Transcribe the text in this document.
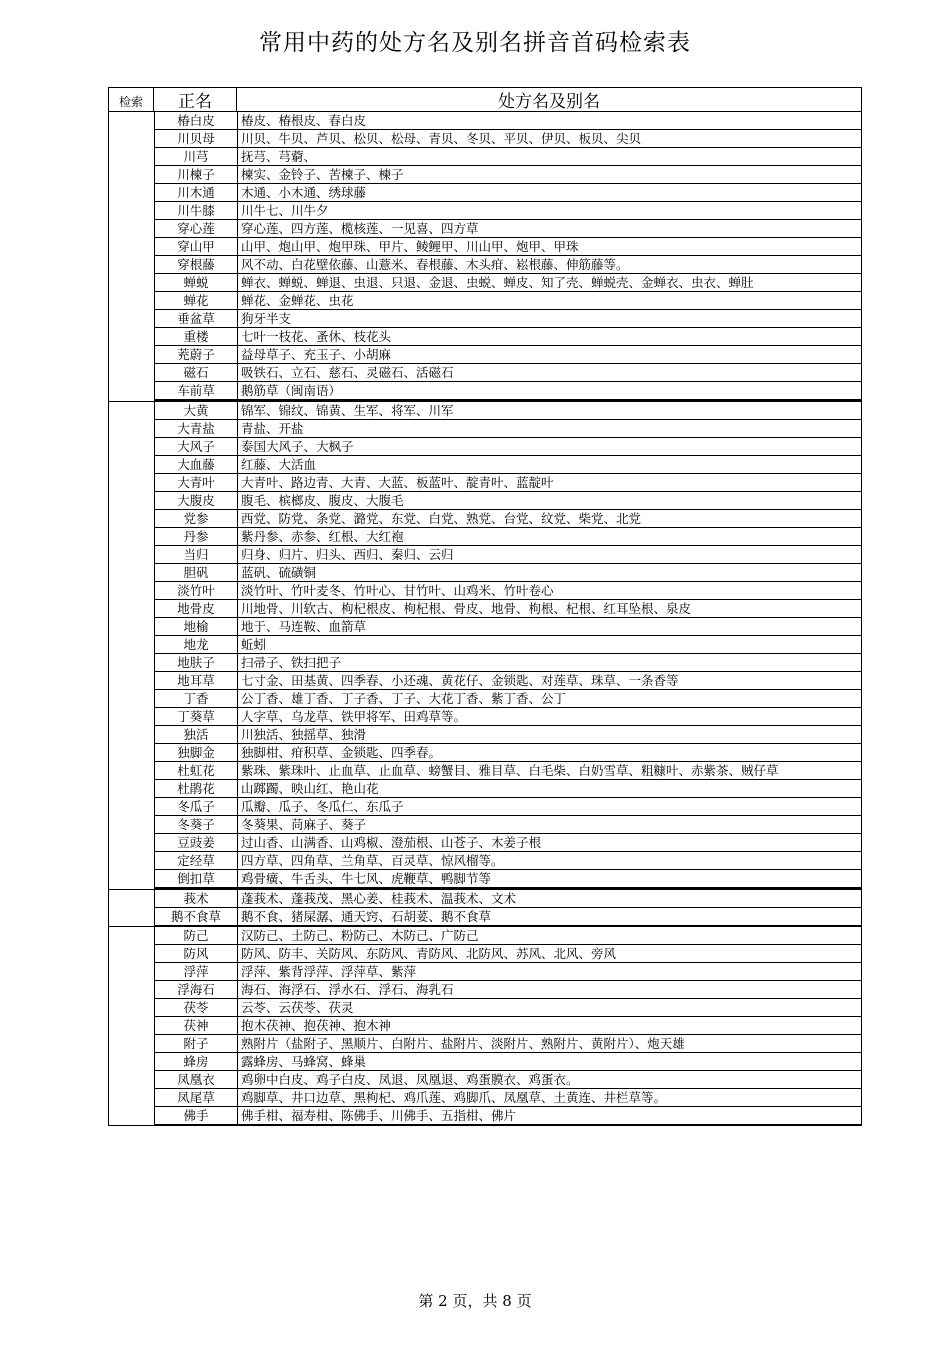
常用中药的处方名及别名拼音首码检索表
检索	正名	处方名及别名
椿白皮	椿皮、椿根皮、春白皮
川贝母	川贝、牛贝、芦贝、松贝、松母、青贝、冬贝、平贝、伊贝、板贝、尖贝
川芎	抚芎、芎藭、
川楝子	楝实、金铃子、苦楝子、楝子
川木通	木通、小木通、绣球藤
川牛膝	川牛七、川牛夕
穿心莲	穿心莲、四方莲、榄核莲、一见喜、四方草
穿山甲	山甲、炮山甲、炮甲珠、甲片、鲮鲤甲、川山甲、炮甲、甲珠
穿根藤	风不动、白花壁依藤、山薏米、春根藤、木头疳、崧根藤、伸筋藤等。
蝉蜕	蝉衣、蝉蜕、蝉退、虫退、只退、金退、虫蜕、蝉皮、知了壳、蝉蜕壳、金蝉衣、虫衣、蝉肚
蝉花	蝉花、金蝉花、虫花
垂盆草	狗牙半支
重楼	七叶一枝花、蚤休、枝花头
茺蔚子	益母草子、充玉子、小胡麻
磁石	吸铁石、立石、慈石、灵磁石、活磁石
车前草	鹅筋草（闽南语）
大黄	锦军、锦纹、锦黄、生军、将军、川军
大青盐	青盐、开盐
大风子	泰国大风子、大枫子
大血藤	红藤、大活血
大青叶	大青叶、路边青、大青、大蓝、板蓝叶、靛青叶、蓝靛叶
大腹皮	腹毛、槟榔皮、腹皮、大腹毛
党参	西党、防党、条党、潞党、东党、白党、熟党、台党、纹党、柴党、北党
丹参	紫丹参、赤参、红根、大红袍
当归	归身、归片、归头、西归、秦归、云归
胆矾	蓝矾、硫磺铜
淡竹叶	淡竹叶、竹叶麦冬、竹叶心、甘竹叶、山鸡米、竹叶卷心
地骨皮	川地骨、川软古、枸杞根皮、枸杞根、骨皮、地骨、枸根、杞根、红耳坠根、泉皮
地榆	地于、马连鞍、血箭草
地龙	蚯蚓
地肤子	扫帚子、铁扫把子
地耳草	七寸金、田基黄、四季春、小还魂、黄花仔、金锁匙、对莲草、珠草、一条香等
丁香	公丁香、雄丁香、丁子香、丁子、大花丁香、紫丁香、公丁
丁葵草	人字草、乌龙草、铁甲将军、田鸡草等。
独活	川独活、独摇草、独滑
独脚金	独脚柑、疳积草、金锁匙、四季春。
杜虹花	紫珠、紫珠叶、止血草、止血草、螃蟹目、雅目草、白毛柴、白奶雪草、粗糠叶、赤紫茶、贼仔草
杜鹃花	山踯躅、映山红、艳山花
冬瓜子	瓜瓣、瓜子、冬瓜仁、东瓜子
冬葵子	冬葵果、苘麻子、葵子
豆豉姜	过山香、山满香、山鸡椒、澄茄根、山苍子、木姜子根
定经草	四方草、四角草、兰角草、百灵草、惊风榴等。
倒扣草	鸡骨癀、牛舌头、牛七风、虎鞭草、鸭脚节等
莪术	蓬莪术、蓬莪茂、黑心姜、桂莪术、温莪术、文术
鹅不食草	鹅不食、猪屎潺、通天窍、石胡荽、鹅不食草
防己	汉防己、土防己、粉防己、木防己、广防己
防风	防风、防丰、关防风、东防风、青防风、北防风、苏风、北风、旁风
浮萍	浮萍、紫背浮萍、浮萍草、紫萍
浮海石	海石、海浮石、浮水石、浮石、海乳石
茯苓	云苓、云茯苓、茯灵
茯神	抱木茯神、抱茯神、抱木神
附子	熟附片（盐附子、黑顺片、白附片、盐附片、淡附片、熟附片、黄附片）、炮天雄
蜂房	露蜂房、马蜂窝、蜂巢
凤凰衣	鸡卵中白皮、鸡子白皮、凤退、凤凰退、鸡蛋膜衣、鸡蛋衣。
凤尾草	鸡脚草、井口边草、黑枸杞、鸡爪莲、鸡脚爪、凤凰草、土黄连、井栏草等。
佛手	佛手柑、福寿柑、陈佛手、川佛手、五指柑、佛片
第 2 页，共 8 页
